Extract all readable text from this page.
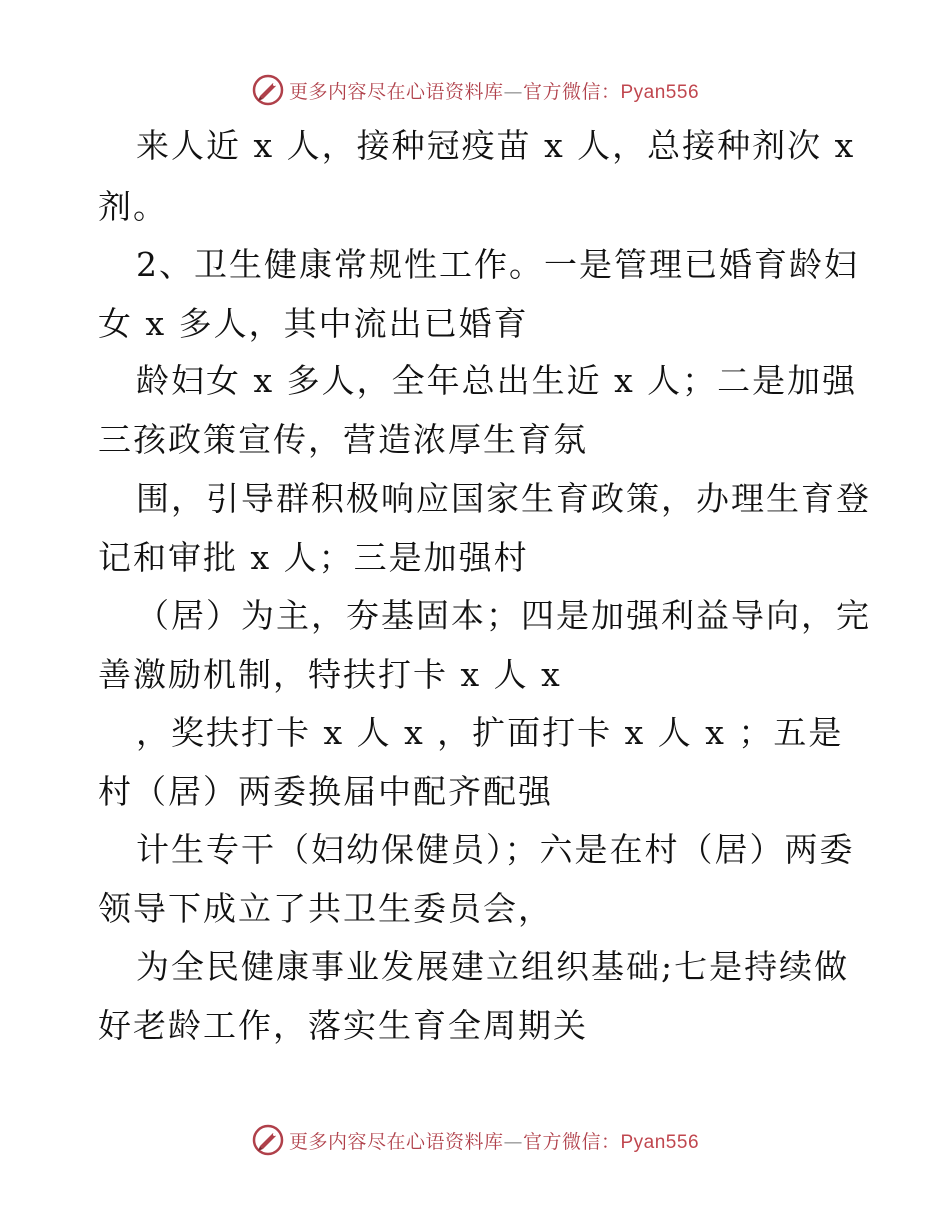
更多内容尽在心语资料库—官方微信：Pyan556
来人近 x 人，接种冠疫苗 x 人，总接种剂次 x
剂。
2、卫生健康常规性工作。一是管理已婚育龄妇
女 x 多人，其中流出已婚育
龄妇女 x 多人，全年总出生近 x 人；二是加强
三孩政策宣传，营造浓厚生育氛
围，引导群积极响应国家生育政策，办理生育登
记和审批 x 人；三是加强村
（居）为主，夯基固本；四是加强利益导向，完
善激励机制，特扶打卡 x 人 x
，奖扶打卡 x 人 x ，扩面打卡 x 人 x ；五是
村（居）两委换届中配齐配强
计生专干（妇幼保健员）；六是在村（居）两委
领导下成立了共卫生委员会，
为全民健康事业发展建立组织基础;七是持续做
好老龄工作，落实生育全周期关
更多内容尽在心语资料库—官方微信：Pyan556
